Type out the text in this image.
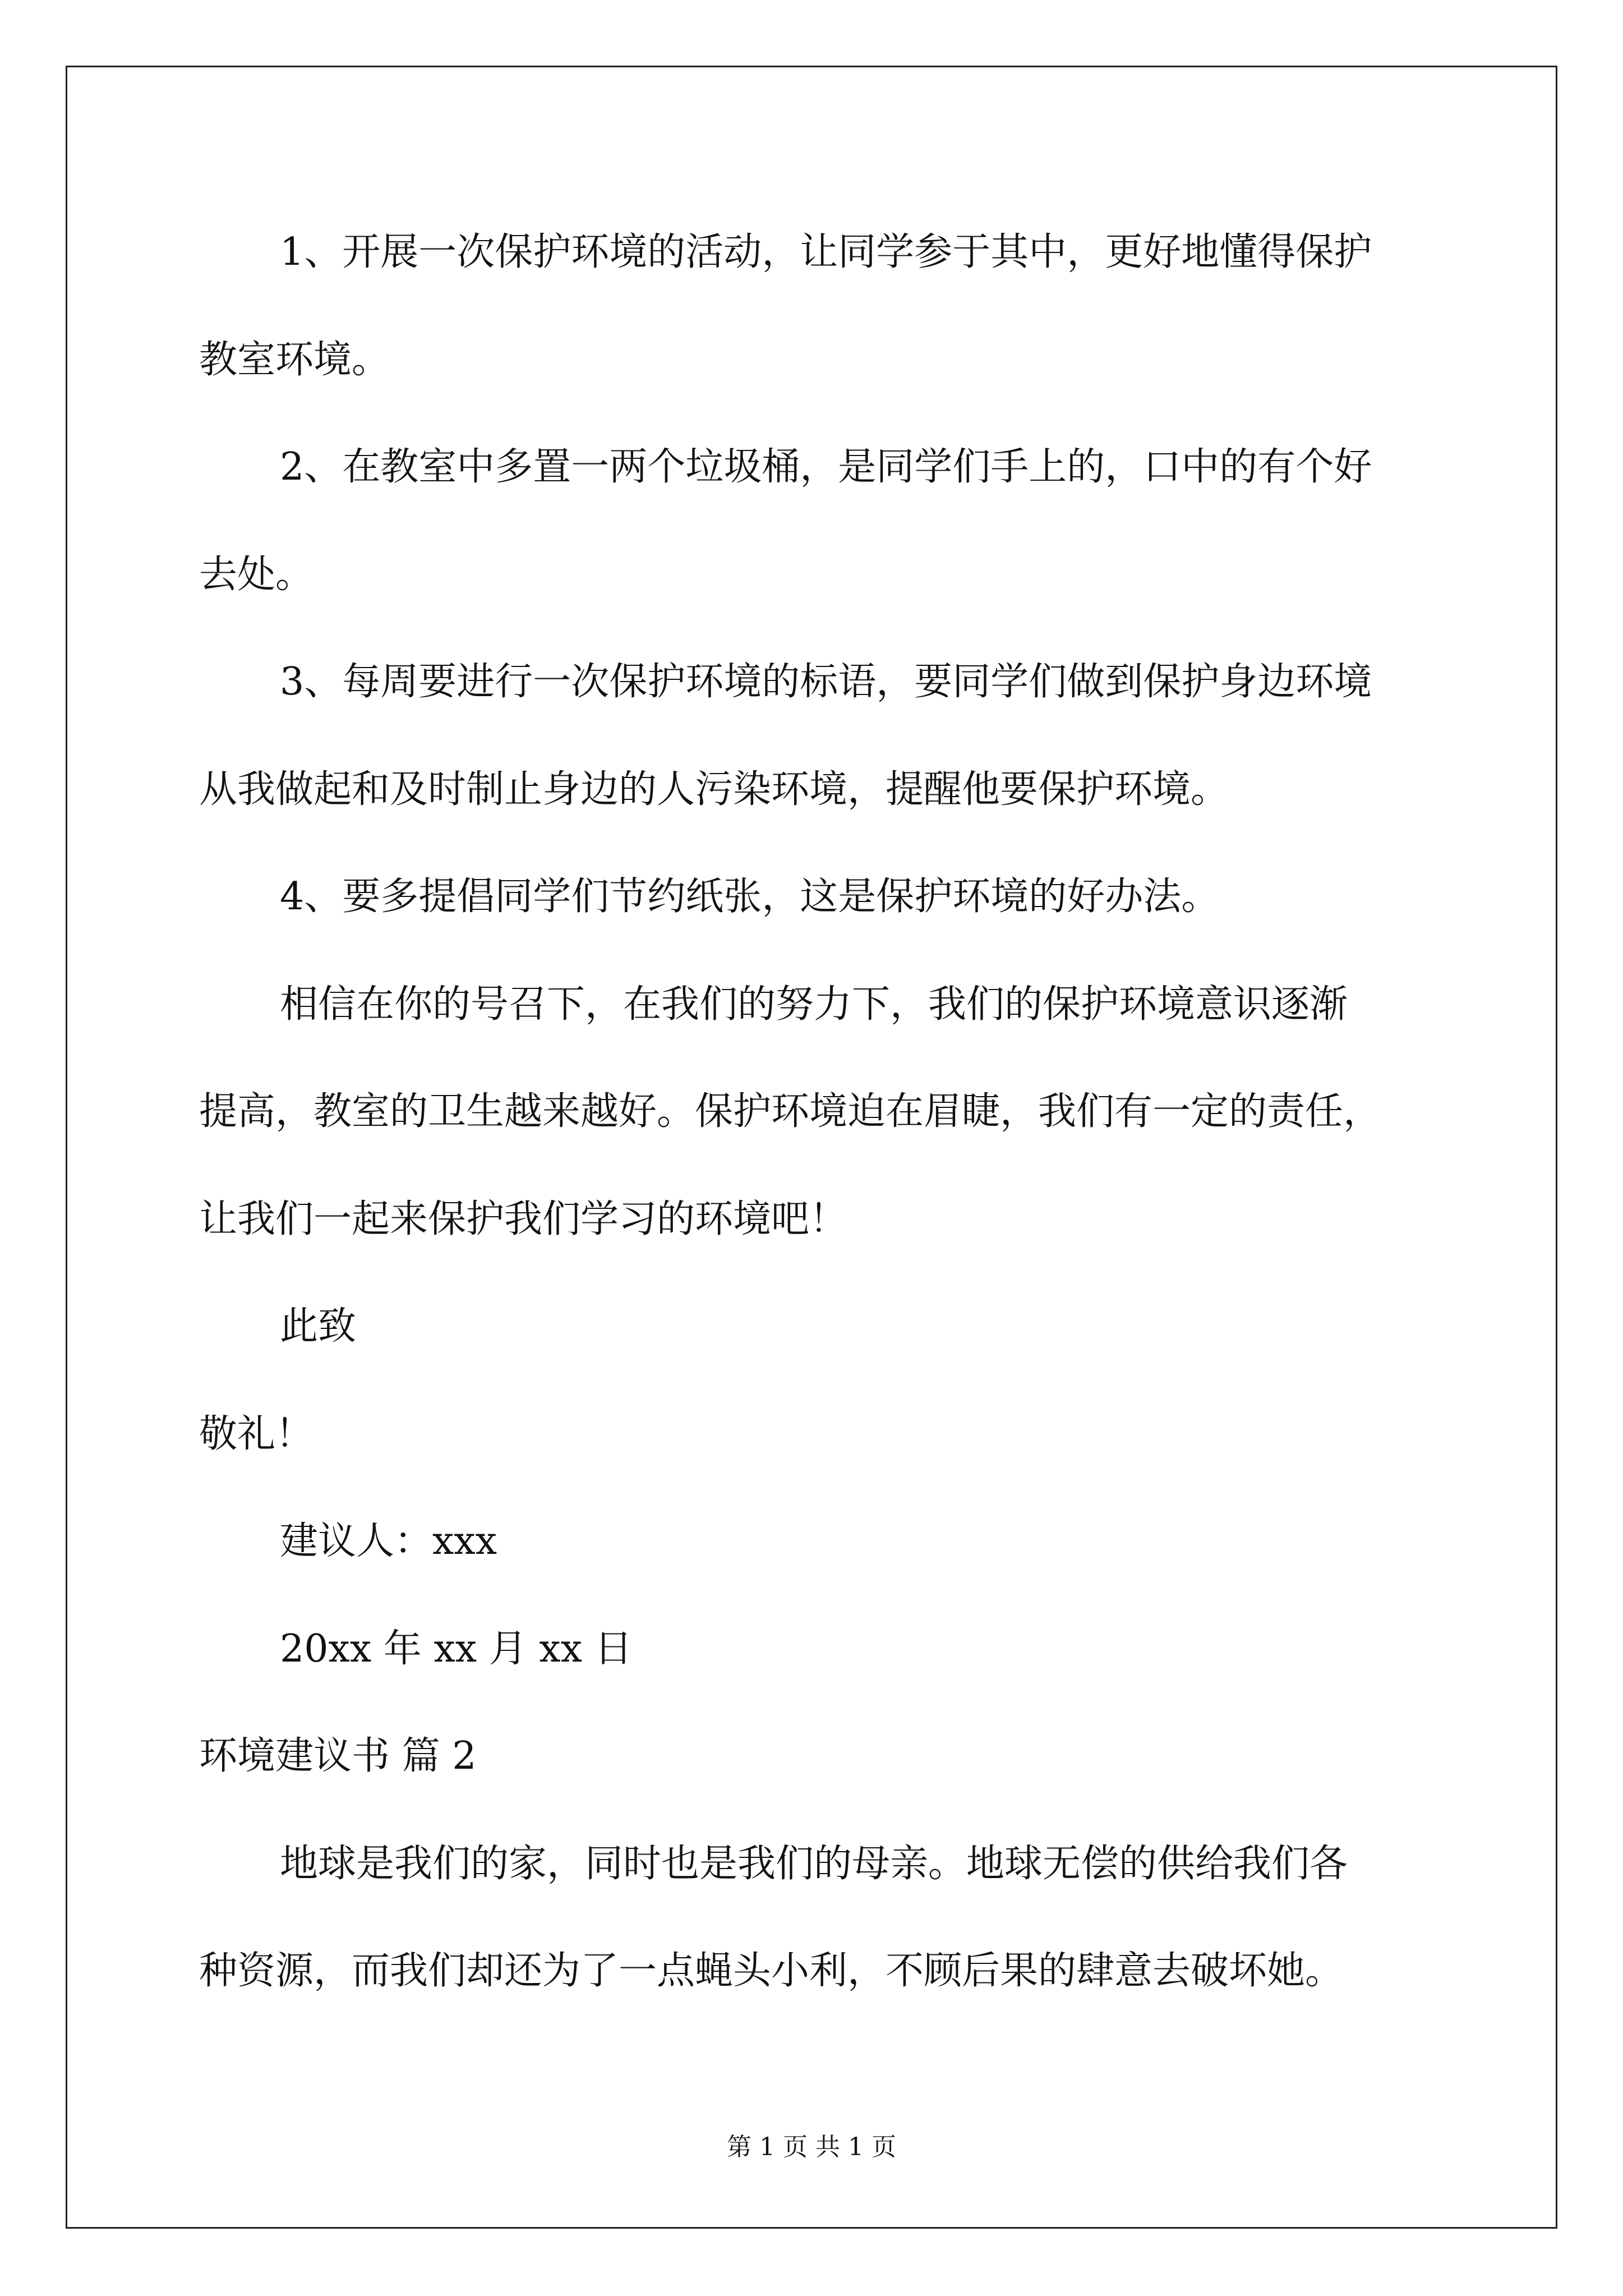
1、开展一次保护环境的活动，让同学参于其中，更好地懂得保护
教室环境。
2、在教室中多置一两个垃圾桶，是同学们手上的，口中的有个好
去处。
3、每周要进行一次保护环境的标语，要同学们做到保护身边环境
从我做起和及时制止身边的人污染环境，提醒他要保护环境。
4、要多提倡同学们节约纸张，这是保护环境的好办法。
相信在你的号召下，在我们的努力下，我们的保护环境意识逐渐
提高，教室的卫生越来越好。保护环境迫在眉睫，我们有一定的责任，
让我们一起来保护我们学习的环境吧！
此致
敬礼！
建议人：xxx
20xx 年 xx 月 xx 日
环境建议书 篇 2
地球是我们的家，同时也是我们的母亲。地球无偿的供给我们各
种资源，而我们却还为了一点蝇头小利，不顾后果的肆意去破坏她。
第 1 页 共 1 页
